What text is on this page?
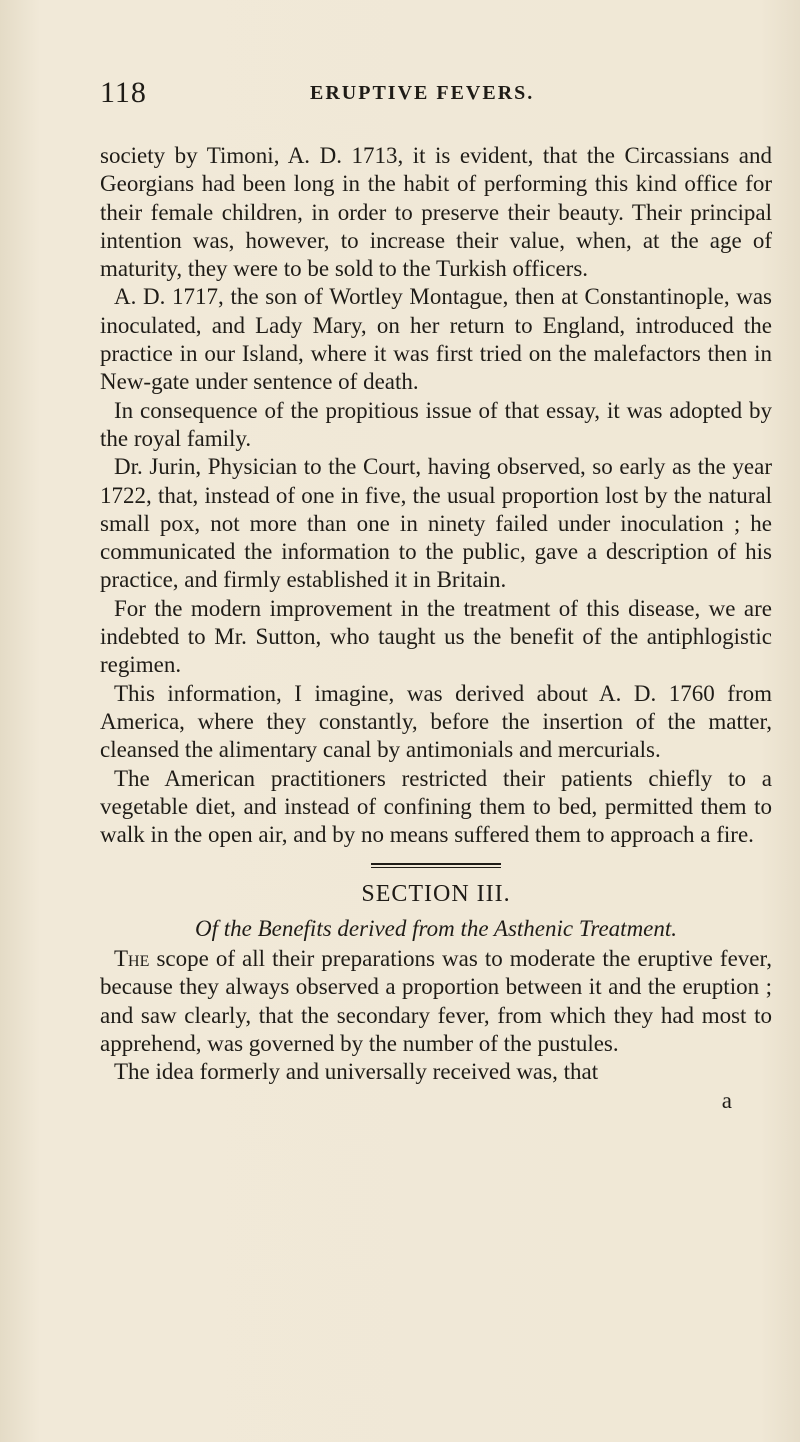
118	ERUPTIVE FEVERS.

society by Timoni, A. D. 1713, it is evident, that the Circassians and Georgians had been long in the habit of performing this kind office for their female children, in order to preserve their beauty. Their principal intention was, however, to increase their value, when, at the age of maturity, they were to be sold to the Turkish officers.

A. D. 1717, the son of Wortley Montague, then at Constantinople, was inoculated, and Lady Mary, on her return to England, introduced the practice in our Island, where it was first tried on the malefactors then in New-gate under sentence of death.

In consequence of the propitious issue of that essay, it was adopted by the royal family.

Dr. Jurin, Physician to the Court, having observed, so early as the year 1722, that, instead of one in five, the usual proportion lost by the natural small pox, not more than one in ninety failed under inoculation ; he communicated the information to the public, gave a description of his practice, and firmly established it in Britain.

For the modern improvement in the treatment of this disease, we are indebted to Mr. Sutton, who taught us the benefit of the antiphlogistic regimen.

This information, I imagine, was derived about A. D. 1760 from America, where they constantly, before the insertion of the matter, cleansed the alimentary canal by antimonials and mercurials.

The American practitioners restricted their patients chiefly to a vegetable diet, and instead of confining them to bed, permitted them to walk in the open air, and by no means suffered them to approach a fire.

SECTION III.
Of the Benefits derived from the Asthenic Treatment.

The scope of all their preparations was to moderate the eruptive fever, because they always observed a proportion between it and the eruption ; and saw clearly, that the secondary fever, from which they had most to apprehend, was governed by the number of the pustules.

The idea formerly and universally received was, that

a
